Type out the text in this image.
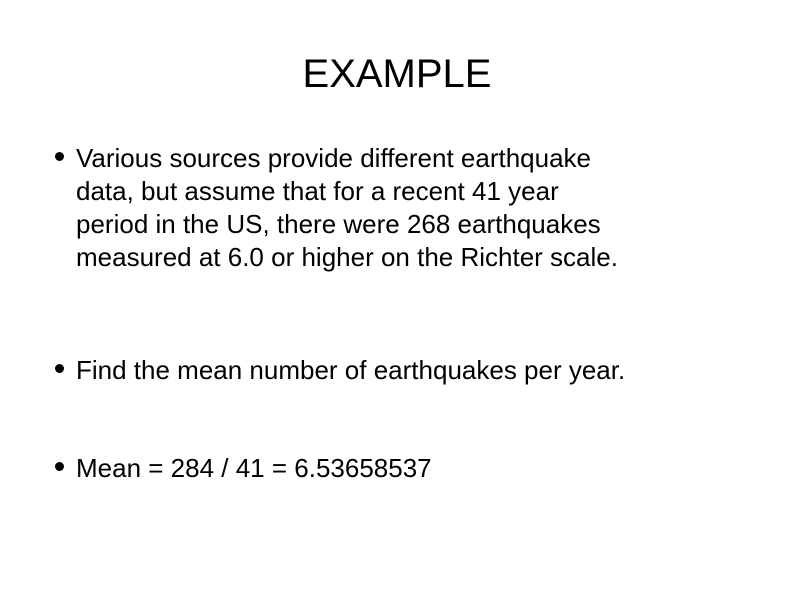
EXAMPLE
Various sources provide different earthquake
data, but assume that for a recent 41 year
period in the US, there were 268 earthquakes
measured at 6.0 or higher on the Richter scale.
Find the mean number of earthquakes per year.
Mean = 284 / 41 = 6.53658537
